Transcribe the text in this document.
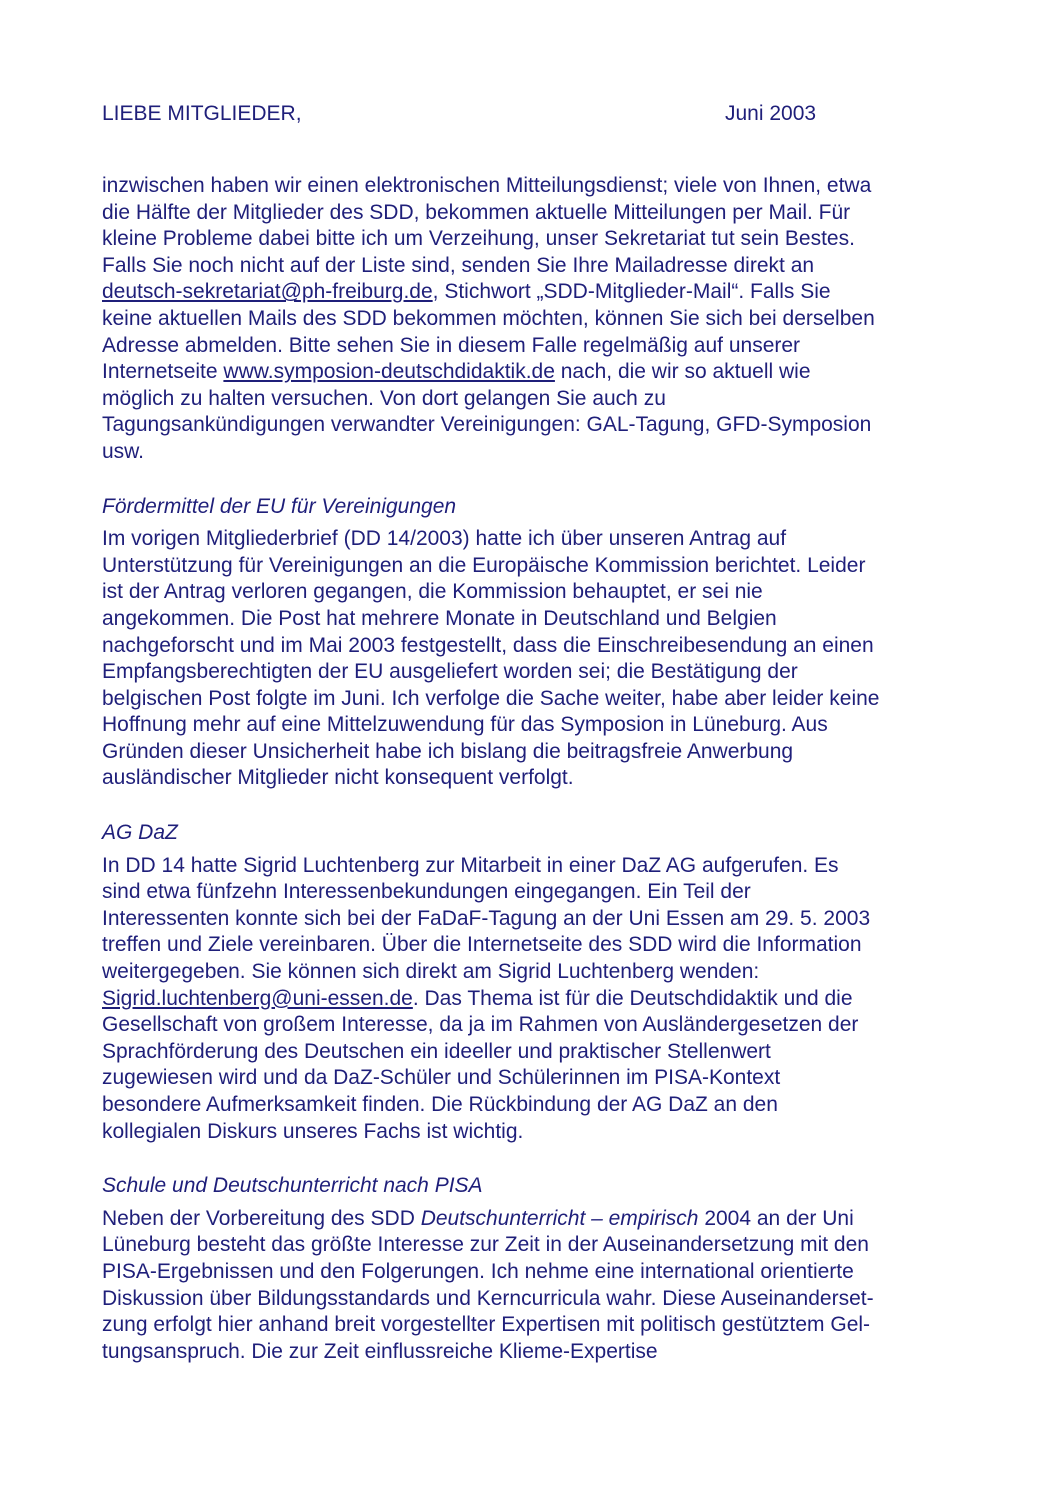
LIEBE MITGLIEDER,	Juni 2003

inzwischen haben wir einen elektronischen Mitteilungsdienst; viele von Ihnen, etwa
die Hälfte der Mitglieder des SDD, bekommen aktuelle Mitteilungen per Mail. Für
kleine Probleme dabei bitte ich um Verzeihung, unser Sekretariat tut sein Bestes.
Falls Sie noch nicht auf der Liste sind, senden Sie Ihre Mailadresse direkt an
deutsch-sekretariat@ph-freiburg.de, Stichwort „SDD-Mitglieder-Mail“. Falls Sie
keine aktuellen Mails des SDD bekommen möchten, können Sie sich bei derselben
Adresse abmelden. Bitte sehen Sie in diesem Falle regelmäßig auf unserer
Internetseite www.symposion-deutschdidaktik.de nach, die wir so aktuell wie
möglich zu halten versuchen. Von dort gelangen Sie auch zu
Tagungsankündigungen verwandter Vereinigungen: GAL-Tagung, GFD-Symposion
usw.

Fördermittel der EU für Vereinigungen

Im vorigen Mitgliederbrief (DD 14/2003) hatte ich über unseren Antrag auf
Unterstützung für Vereinigungen an die Europäische Kommission berichtet. Leider
ist der Antrag verloren gegangen, die Kommission behauptet, er sei nie
angekommen. Die Post hat mehrere Monate in Deutschland und Belgien
nachgeforscht und im Mai 2003 festgestellt, dass die Einschreibesendung an einen
Empfangsberechtigten der EU ausgeliefert worden sei; die Bestätigung der
belgischen Post folgte im Juni. Ich verfolge die Sache weiter, habe aber leider keine
Hoffnung mehr auf eine Mittelzuwendung für das Symposion in Lüneburg. Aus
Gründen dieser Unsicherheit habe ich bislang die beitragsfreie Anwerbung
ausländischer Mitglieder nicht konsequent verfolgt.

AG DaZ

In DD 14 hatte Sigrid Luchtenberg zur Mitarbeit in einer DaZ AG aufgerufen. Es
sind etwa fünfzehn Interessenbekundungen eingegangen. Ein Teil der
Interessenten konnte sich bei der FaDaF-Tagung an der Uni Essen am 29. 5. 2003
treffen und Ziele vereinbaren. Über die Internetseite des SDD wird die Information
weitergegeben. Sie können sich direkt am Sigrid Luchtenberg wenden:
Sigrid.luchtenberg@uni-essen.de. Das Thema ist für die Deutschdidaktik und die
Gesellschaft von großem Interesse, da ja im Rahmen von Ausländergesetzen der
Sprachförderung des Deutschen ein ideeller und praktischer Stellenwert
zugewiesen wird und da DaZ-Schüler und Schülerinnen im PISA-Kontext
besondere Aufmerksamkeit finden. Die Rückbindung der AG DaZ an den
kollegialen Diskurs unseres Fachs ist wichtig.

Schule und Deutschunterricht nach PISA

Neben der Vorbereitung des SDD Deutschunterricht – empirisch 2004 an der Uni
Lüneburg besteht das größte Interesse zur Zeit in der Auseinandersetzung mit den
PISA-Ergebnissen und den Folgerungen. Ich nehme eine international orientierte
Diskussion über Bildungsstandards und Kerncurricula wahr. Diese Auseinanderset-
zung erfolgt hier anhand breit vorgestellter Expertisen mit politisch gestütztem Gel-
tungsanspruch. Die zur Zeit einflussreiche Klieme-Expertise
